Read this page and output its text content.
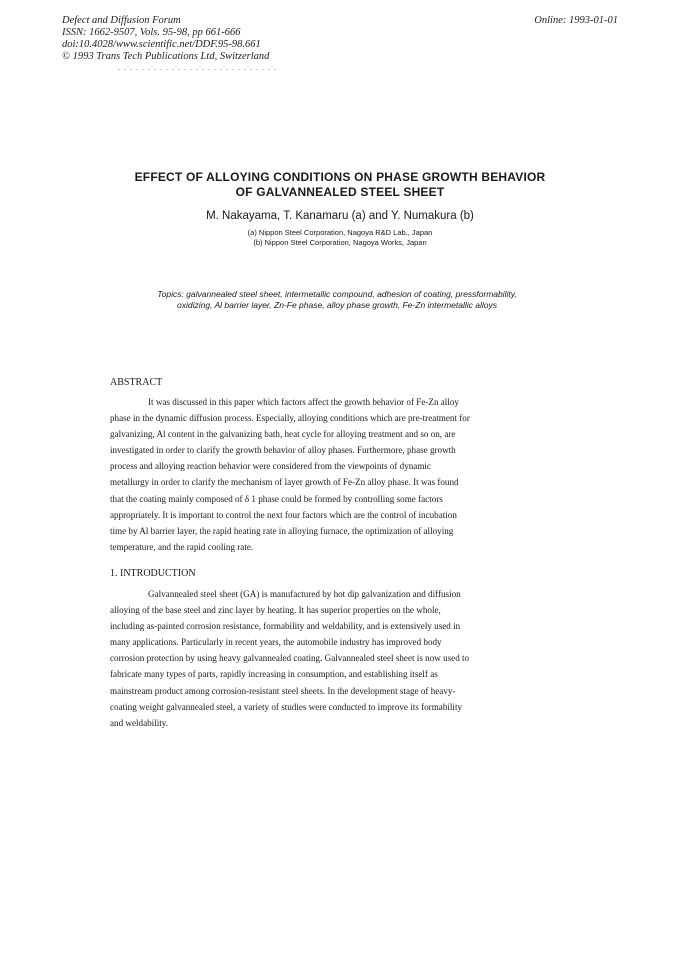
Defect and Diffusion Forum
ISSN: 1662-9507, Vols. 95-98, pp 661-666
doi:10.4028/www.scientific.net/DDF.95-98.661
© 1993 Trans Tech Publications Ltd, Switzerland
Online: 1993-01-01
. . . . . . . . . . . . . . . . . . . . . . . . . . .
EFFECT OF ALLOYING CONDITIONS ON PHASE GROWTH BEHAVIOR
OF GALVANNEALED STEEL SHEET
M. Nakayama, T. Kanamaru (a) and Y. Numakura (b)
(a) Nippon Steel Corporation, Nagoya R&D Lab., Japan
(b) Nippon Steel Corporation, Nagoya Works, Japan
Topics: galvannealed steel sheet, intermetallic compound, adhesion of coating, pressformability,
oxidizing, Al barrier layer, Zn-Fe phase, alloy phase growth, Fe-Zn intermetallic alloys
ABSTRACT
It was discussed in this paper which factors affect the growth behavior of Fe-Zn alloy
phase in the dynamic diffusion process. Especially, alloying conditions which are pre-treatment for
galvanizing, Al content in the galvanizing bath, heat cycle for alloying treatment and so on, are
investigated in order to clarify the growth behavior of alloy phases. Furthermore, phase growth
process and alloying reaction behavior were considered from the viewpoints of dynamic
metallurgy in order to clarify the mechanism of layer growth of Fe-Zn alloy phase. It was found
that the coating mainly composed of δ 1 phase could be formed by controlling some factors
appropriately. It is important to control the next four factors which are the control of incubation
time by Al barrier layer, the rapid heating rate in alloying furnace, the optimization of alloying
temperature, and the rapid cooling rate.
1. INTRODUCTION
Galvannealed steel sheet (GA) is manufactured by hot dip galvanization and diffusion
alloying of the base steel and zinc layer by heating. It has superior properties on the whole,
including as-painted corrosion resistance, formability and weldability, and is extensively used in
many applications. Particularly in recent years, the automobile industry has improved body
corrosion protection by using heavy galvannealed coating. Galvannealed steel sheet is now used to
fabricate many types of parts, rapidly increasing in consumption, and establishing itself as
mainstream product among corrosion-resistant steel sheets. In the development stage of heavy-
coating weight galvannealed steel, a variety of studies were conducted to improve its formability
and weldability.
